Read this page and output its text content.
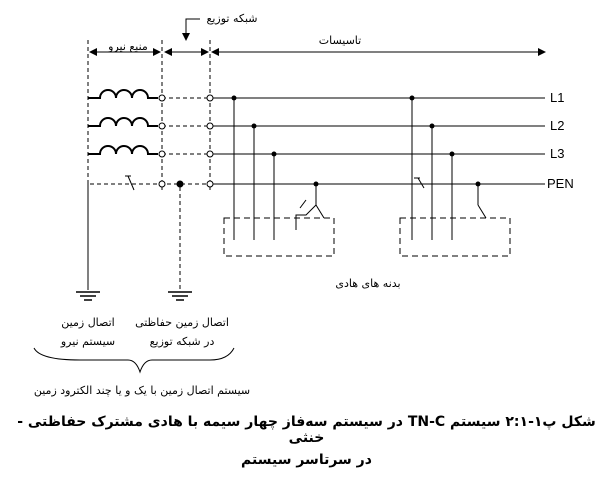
شبکه توزیع
منبع نیرو	تاسیسات
L1
L2
L3
PEN
بدنه های هادی
اتصال زمین
سیستم نیرو
اتصال زمین حفاظتی
در شبکه توزیع
سیستم اتصال زمین با یک و یا چند الکترود زمین
شکل پ۱-۲:۱ سیستم TN-C در سیستم سه‌فاز چهار سیمه با هادی مشترک حفاظتی - خنثی
در سرتاسر سیستم
